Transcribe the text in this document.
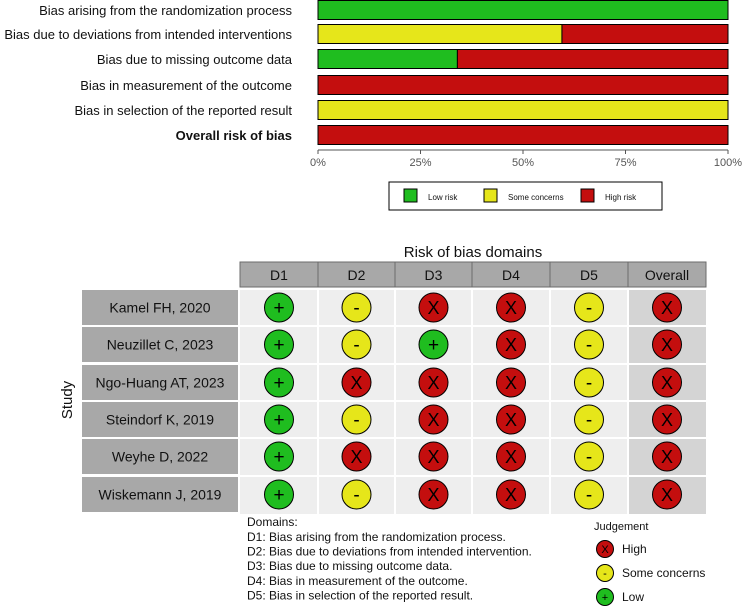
Bias arising from the randomization process
Bias due to deviations from intended interventions
Bias due to missing outcome data
Bias in measurement of the outcome
Bias in selection of the reported result
Overall risk of bias
0%	25%	50%	75%	100%
Low risk	Some concerns	High risk
Risk of bias domains
D1	D2	D3	D4	D5	Overall
Kamel FH, 2020	+	-	X	X	-	X
Neuzillet C, 2023	+	-	+	X	-	X
Ngo-Huang AT, 2023	+	X	X	X	-	X
Steindorf K, 2019	+	-	X	X	-	X
Weyhe D, 2022	+	X	X	X	-	X
Wiskemann J, 2019	+	-	X	X	-	X
Study
Domains:
D1: Bias arising from the randomization process.
D2: Bias due to deviations from intended intervention.
D3: Bias due to missing outcome data.
D4: Bias in measurement of the outcome.
D5: Bias in selection of the reported result.
Judgement
X High
- Some concerns
+ Low
